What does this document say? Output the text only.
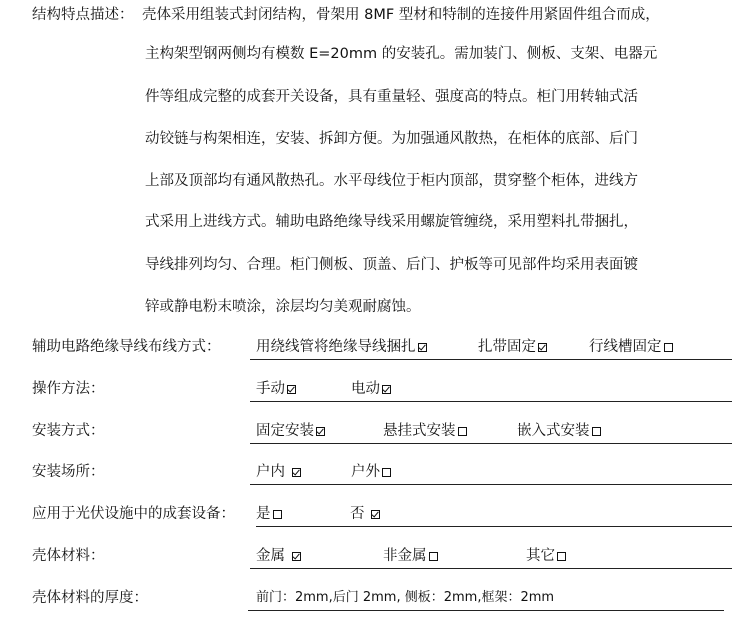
结构特点描述： 壳体采用组装式封闭结构，骨架用 8MF 型材和特制的连接件用紧固件组合而成，
主构架型钢两侧均有模数 E=20mm 的安装孔。需加装门、侧板、支架、电器元
件等组成完整的成套开关设备，具有重量轻、强度高的特点。柜门用转轴式活
动铰链与构架相连，安装、拆卸方便。为加强通风散热，在柜体的底部、后门
上部及顶部均有通风散热孔。水平母线位于柜内顶部，贯穿整个柜体，进线方
式采用上进线方式。辅助电路绝缘导线采用螺旋管缠绕，采用塑料扎带捆扎，
导线排列均匀、合理。柜门侧板、顶盖、后门、护板等可见部件均采用表面镀
锌或静电粉末喷涂，涂层均匀美观耐腐蚀。
辅助电路绝缘导线布线方式： 用绕线管将绝缘导线捆扎	扎带固定	行线槽固定
操作方法：	手动	电动
安装方式：	固定安装	悬挂式安装	嵌入式安装
安装场所：	户内	户外
应用于光伏设施中的成套设备： 是	否
壳体材料：	金属	非金属	其它
壳体材料的厚度：	前门：2mm,后门 2mm, 侧板：2mm,框架：2mm
